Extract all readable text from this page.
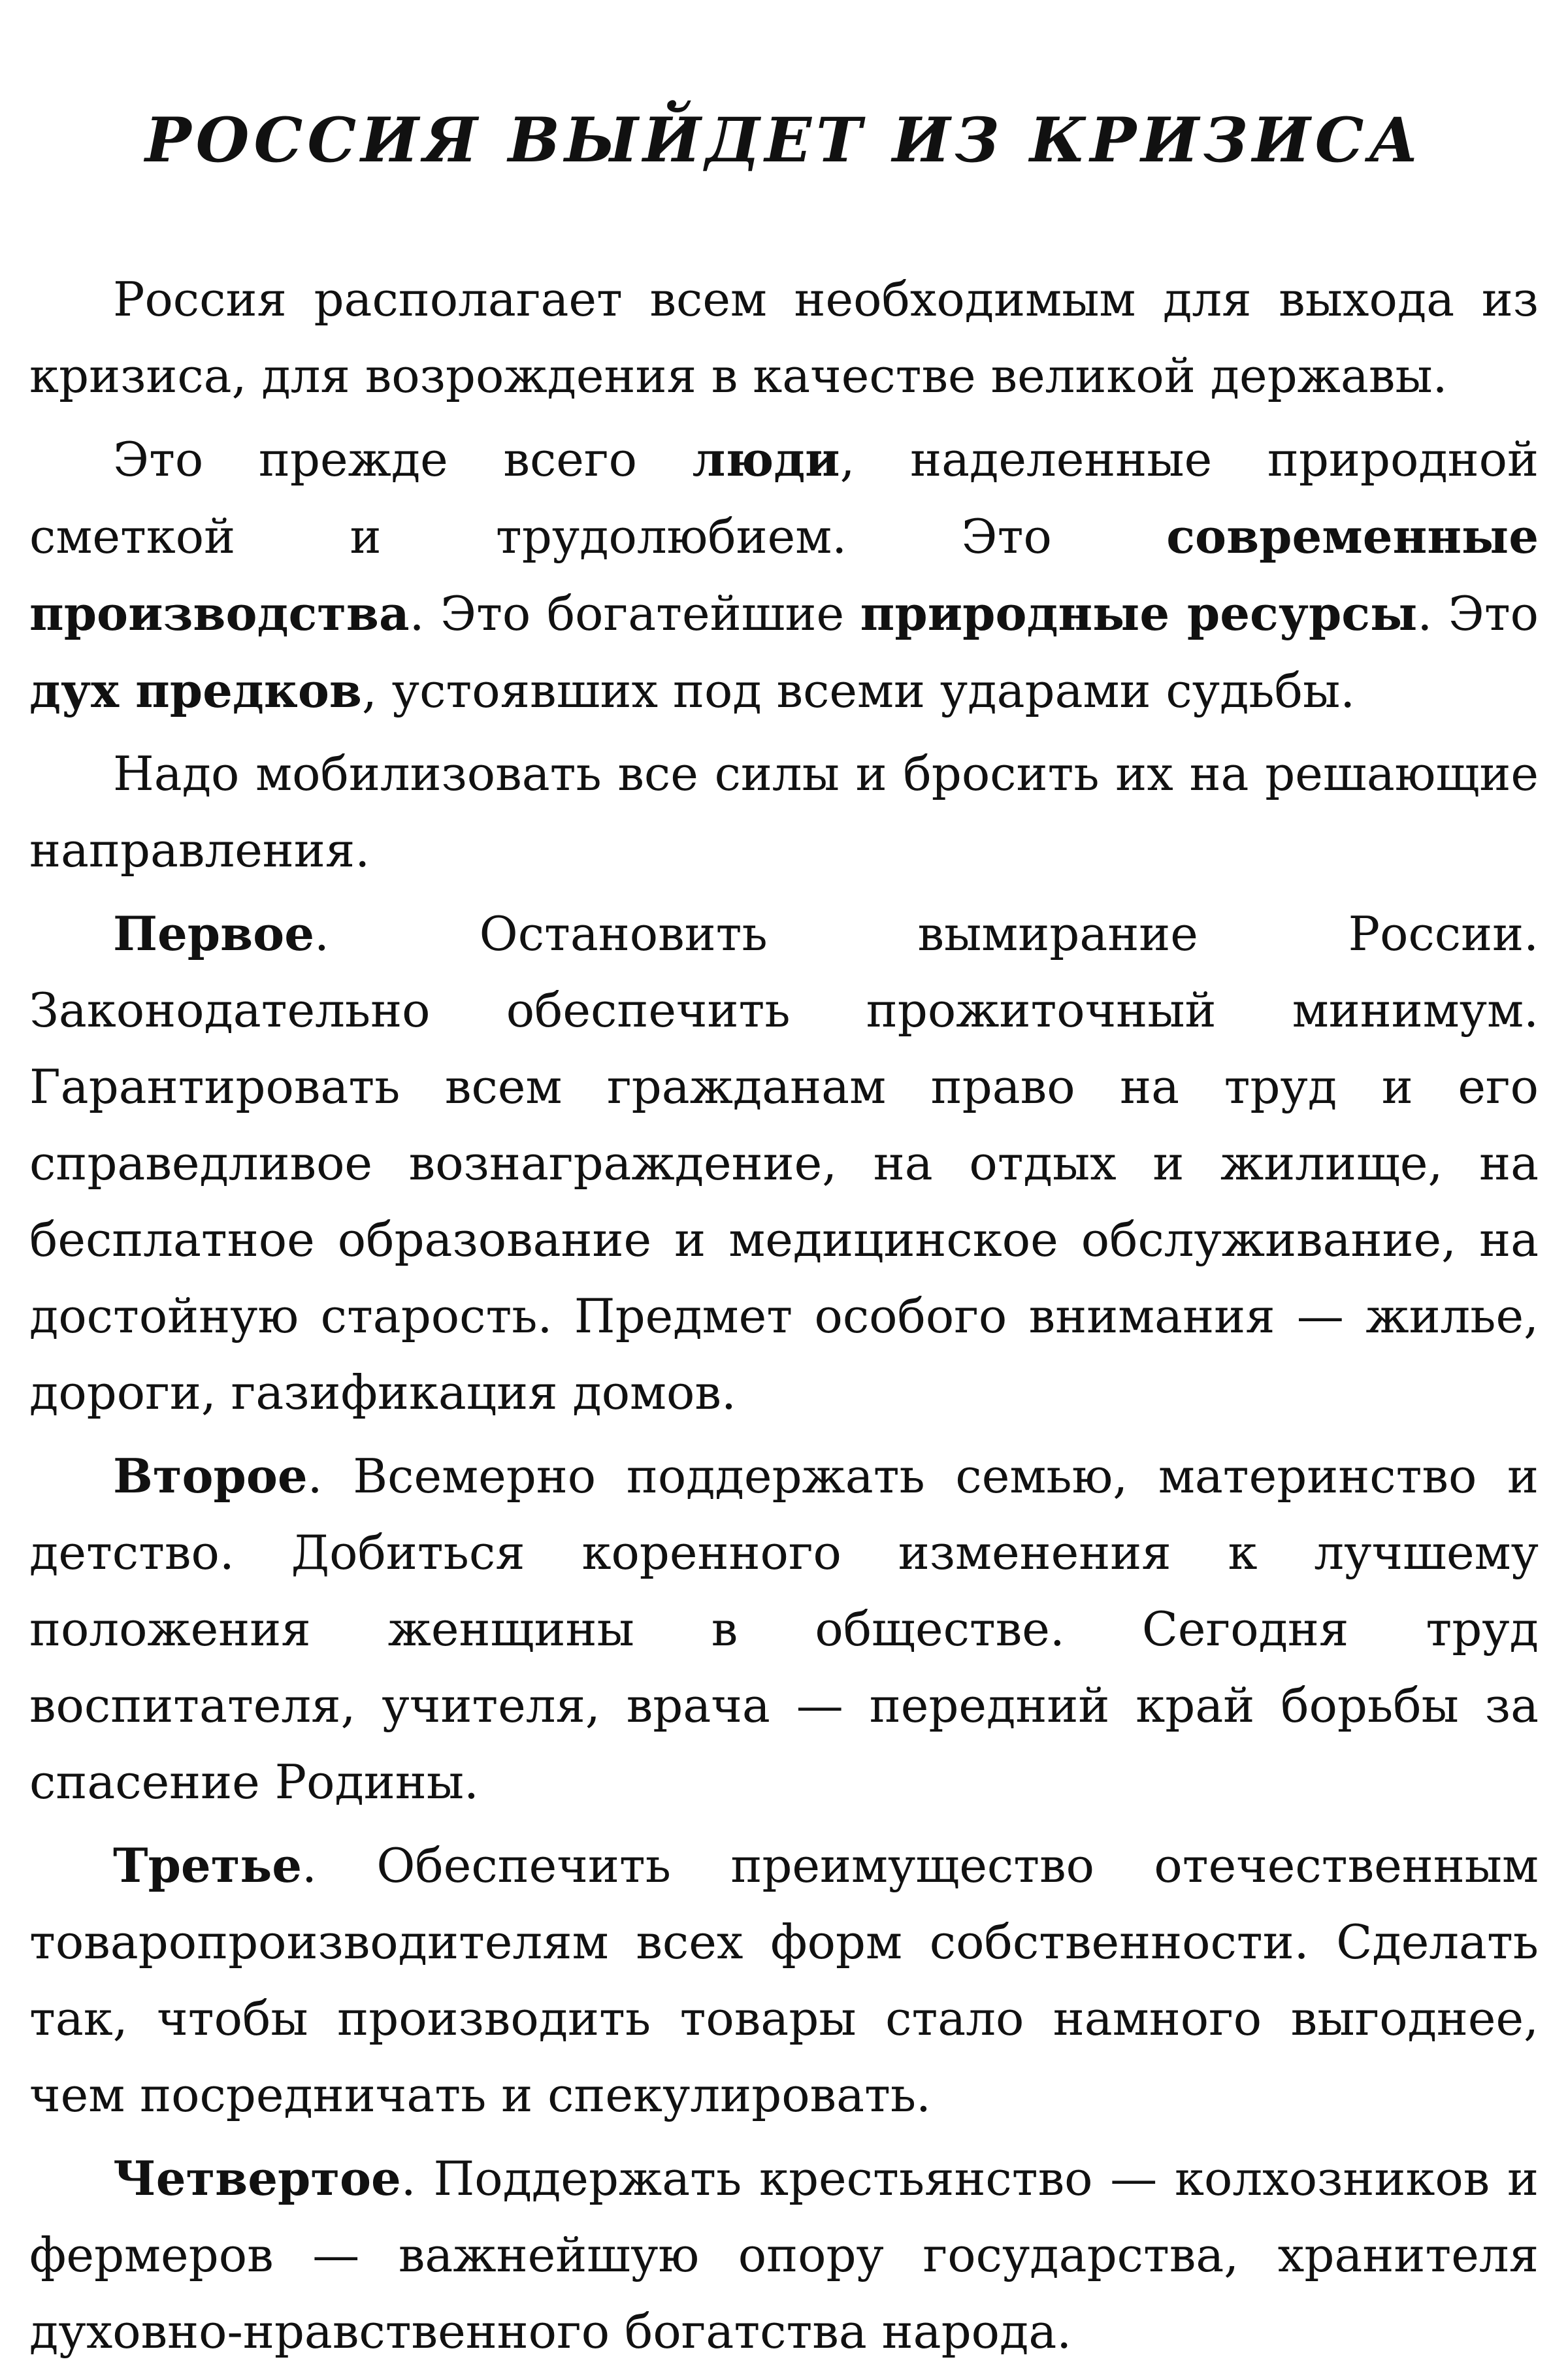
РОССИЯ ВЫЙДЕТ ИЗ КРИЗИСА

Россия располагает всем необходимым для выхода из кризиса, для возрождения в качестве великой державы.

Это прежде всего люди, наделенные природной сметкой и трудолюбием. Это современные производства. Это богатейшие природные ресурсы. Это дух предков, устоявших под всеми ударами судьбы.

Надо мобилизовать все силы и бросить их на решающие направления.

Первое. Остановить вымирание России. Законодательно обеспечить прожиточный минимум. Гарантировать всем гражданам право на труд и его справедливое вознаграждение, на отдых и жилище, на бесплатное образование и медицинское обслуживание, на достойную старость. Предмет особого внимания — жилье, дороги, газификация домов.

Второе. Всемерно поддержать семью, материнство и детство. Добиться коренного изменения к лучшему положения женщины в обществе. Сегодня труд воспитателя, учителя, врача — передний край борьбы за спасение Родины.

Третье. Обеспечить преимущество отечественным товаропроизводителям всех форм собственности. Сделать так, чтобы производить товары стало намного выгоднее, чем посредничать и спекулировать.

Четвертое. Поддержать крестьянство — колхозников и фермеров — важнейшую опору государства, хранителя духовно-нравственного богатства народа.
